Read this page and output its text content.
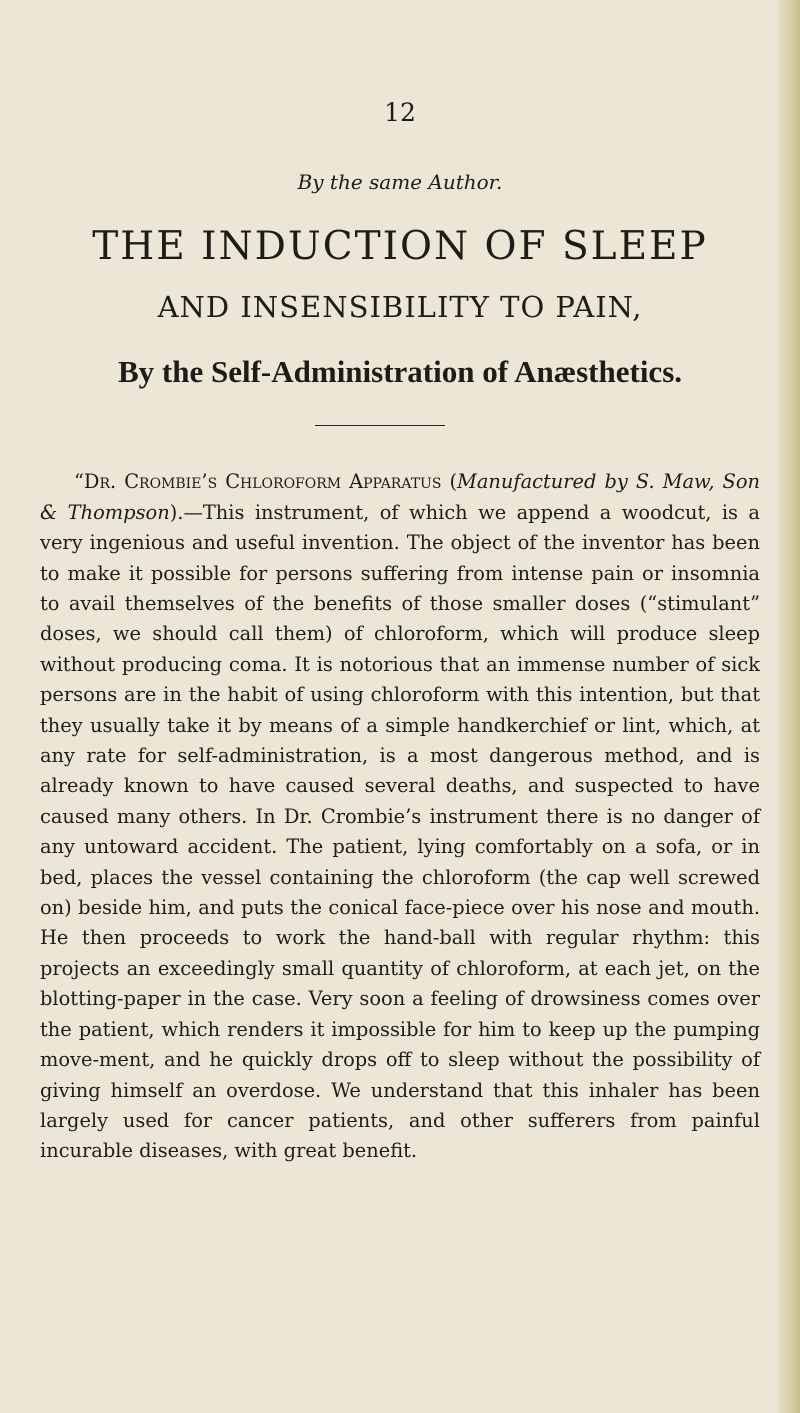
12
By the same Author.
THE INDUCTION OF SLEEP
AND INSENSIBILITY TO PAIN,
By the Self-Administration of Anæsthetics.

“Dr. Crombie’s Chloroform Apparatus (Manufactured by S. Maw, Son & Thompson).—This instrument, of which we append a woodcut, is a very ingenious and useful invention. The object of the inventor has been to make it possible for persons suffering from intense pain or insomnia to avail themselves of the benefits of those smaller doses (“stimulant” doses, we should call them) of chloroform, which will produce sleep without producing coma. It is notorious that an immense number of sick persons are in the habit of using chloroform with this intention, but that they usually take it by means of a simple handkerchief or lint, which, at any rate for self-administration, is a most dangerous method, and is already known to have caused several deaths, and suspected to have caused many others. In Dr. Crombie’s instrument there is no danger of any untoward accident. The patient, lying comfortably on a sofa, or in bed, places the vessel containing the chloroform (the cap well screwed on) beside him, and puts the conical face-piece over his nose and mouth. He then proceeds to work the hand-ball with regular rhythm: this projects an exceedingly small quantity of chloroform, at each jet, on the blotting-paper in the case. Very soon a feeling of drowsiness comes over the patient, which renders it impossible for him to keep up the pumping move-ment, and he quickly drops off to sleep without the possibility of giving himself an overdose. We understand that this inhaler has been largely used for cancer patients, and other sufferers from painful incurable diseases, with great benefit.
